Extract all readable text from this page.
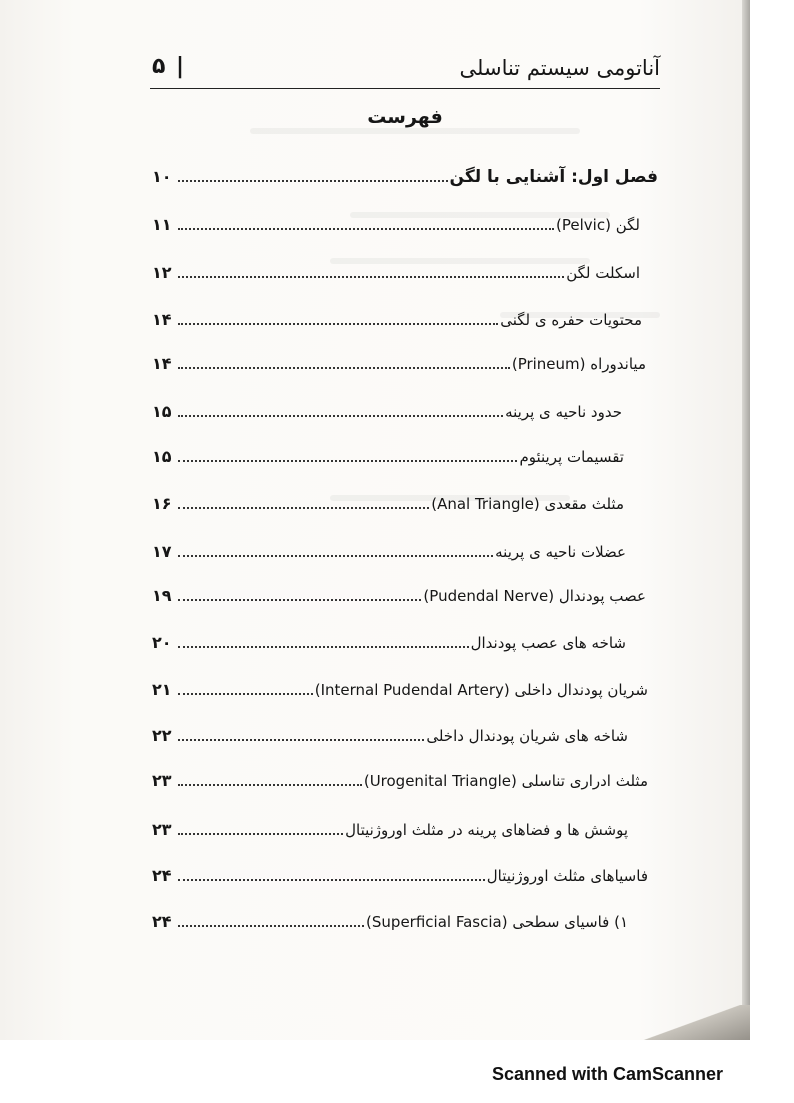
آناتومی سیستم تناسلی
|
۵
فهرست
فصل اول: آشنایی با لگن
۱۰
لگن (Pelvic)
۱۱
اسکلت لگن
۱۲
محتویات حفره ی لگنی
۱۴
میاندوراه (Prineum)
۱۴
حدود ناحیه ی پرینه
۱۵
تقسیمات پرینئوم
۱۵
مثلث مقعدی (Anal Triangle)
۱۶
عضلات ناحیه ی پرینه
۱۷
عصب پودندال (Pudendal Nerve)
۱۹
شاخه های عصب پودندال
۲۰
شریان پودندال داخلی (Internal Pudendal Artery)
۲۱
شاخه های شریان پودندال داخلی
۲۲
مثلث ادراری تناسلی (Urogenital Triangle)
۲۳
پوشش ها و فضاهای پرینه در مثلث اوروژنیتال
۲۳
فاسیاهای مثلث اوروژنیتال
۲۴
۱) فاسیای سطحی (Superficial Fascia)
۲۴
Scanned with CamScanner
